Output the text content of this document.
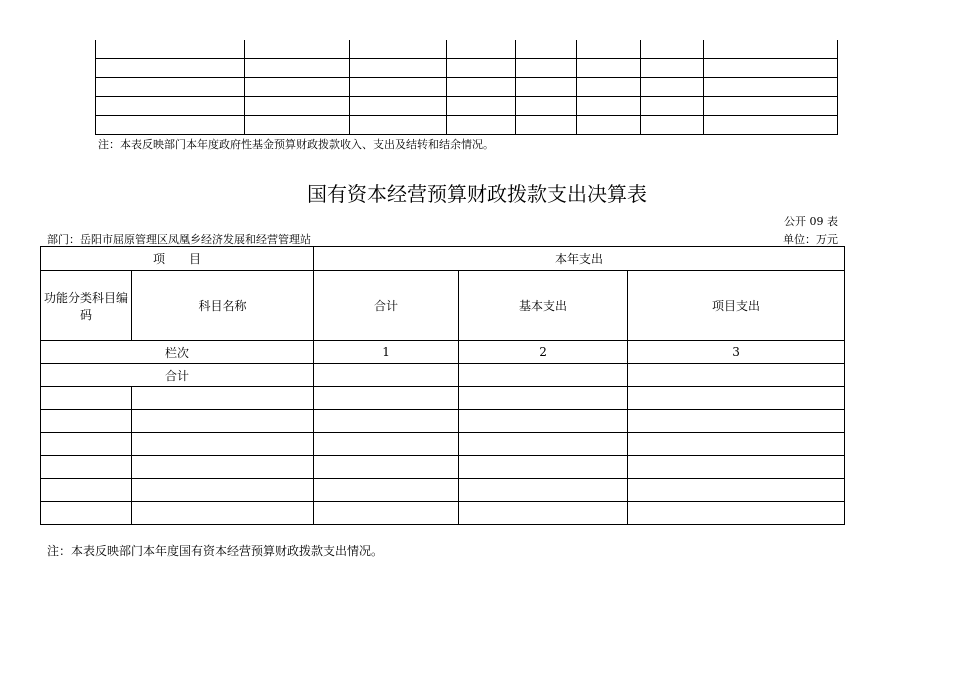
注：本表反映部门本年度政府性基金预算财政拨款收入、支出及结转和结余情况。
国有资本经营预算财政拨款支出决算表
公开 09 表
部门：岳阳市屈原管理区凤凰乡经济发展和经营管理站	单位：万元
项　　目		本年支出		
功能分类科目编码	科目名称	合计	基本支出	项目支出
栏次		1	2	3
合计				

注：本表反映部门本年度国有资本经营预算财政拨款支出情况。
